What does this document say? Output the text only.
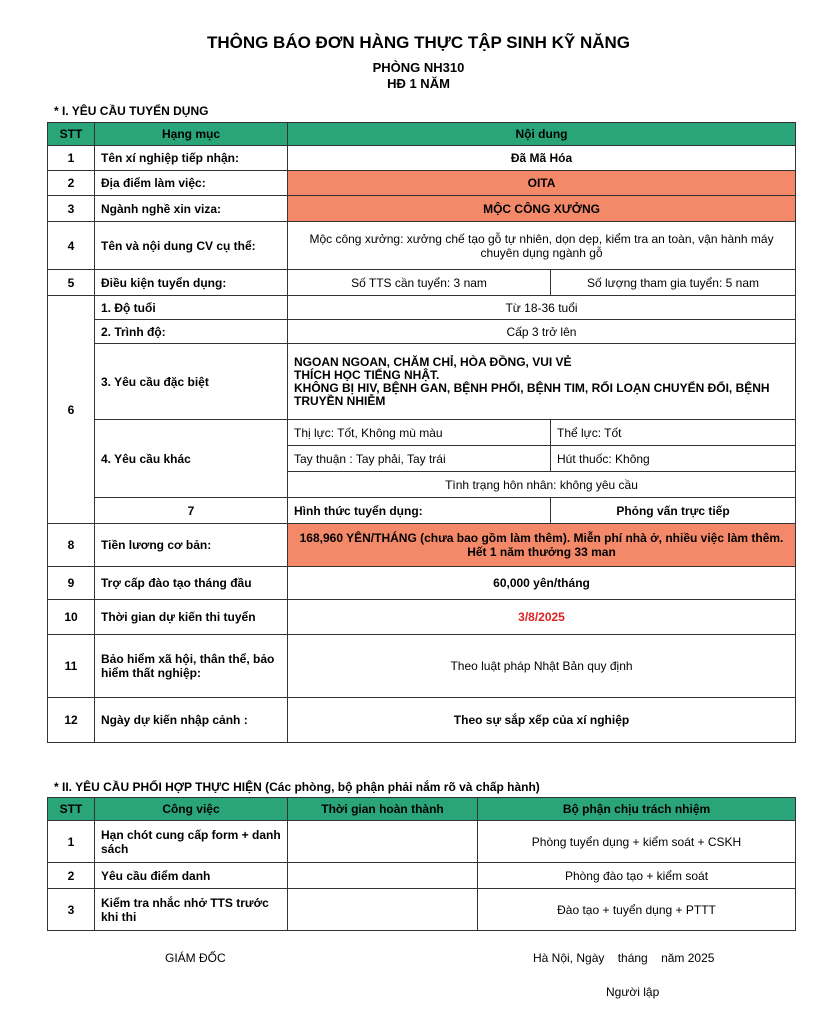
THÔNG BÁO ĐƠN HÀNG THỰC TẬP SINH KỸ NĂNG
PHÒNG NH310
HĐ 1 NĂM
* I. YÊU CẦU TUYỂN DỤNG
STT	Hạng mục	Nội dung	
1	Tên xí nghiệp tiếp nhận:	Đã Mã Hóa	
2	Địa điểm làm việc:	OITA	
3	Ngành nghề xin viza:	MỘC CÔNG XƯỞNG	
4	Tên và nội dung CV cụ thể:	Mộc công xưởng: xưởng chế tạo gỗ tự nhiên, dọn dẹp, kiểm tra an toàn, vận hành máy chuyên dụng ngành gỗ	
5	Điều kiện tuyển dụng:	Số TTS cần tuyển: 3 nam	Số lượng tham gia tuyển: 5 nam
6	1. Độ tuổi	Từ 18-36 tuổi	
	2. Trình độ:	Cấp 3 trở lên	
	3. Yêu cầu đặc biệt	NGOAN NGOAN, CHĂM CHỈ, HÒA ĐỒNG, VUI VẺ
THÍCH HỌC TIẾNG NHẬT.
KHÔNG BỊ HIV, BỆNH GAN, BỆNH PHỔI, BỆNH TIM, RỐI LOẠN CHUYỂN ĐỔI, BỆNH TRUYỀN NHIỄM	

	4. Yêu cầu khác	Thị lực: Tốt, Không mù màu	Thể lực: Tốt
		Tay thuận : Tay phải, Tay trái	Hút thuốc: Không
		Tình trạng hôn nhân: không yêu cầu	
	7	Hình thức tuyển dụng:	Phỏng vấn trực tiếp
8	Tiền lương cơ bản:	168,960 YÊN/THÁNG (chưa bao gồm làm thêm). Miễn phí nhà ở, nhiều việc làm thêm. Hết 1 năm thưởng 33 man	
9	Trợ cấp đào tạo tháng đầu	60,000 yên/tháng	
10	Thời gian dự kiến thi tuyển	3/8/2025	
11	Bảo hiểm xã hội, thân thể, bảo hiểm thất nghiệp:	Theo luật pháp Nhật Bản quy định	
12	Ngày dự kiến nhập cảnh :	Theo sự sắp xếp của xí nghiệp	
* II. YÊU CẦU PHỐI HỢP THỰC HIỆN (Các phòng, bộ phận phải nắm rõ và chấp hành)
STT	Công việc	Thời gian hoàn thành	Bộ phận chịu trách nhiệm
1	Hạn chót cung cấp form + danh sách		Phòng tuyển dụng + kiểm soát + CSKH
2	Yêu cầu điểm danh		Phòng đào tạo + kiểm soát
3	Kiểm tra nhắc nhở TTS trước khi thi		Đào tạo + tuyển dụng + PTTT
GIÁM ĐỐC	Hà Nội, Ngày    tháng    năm 2025
Người lập
